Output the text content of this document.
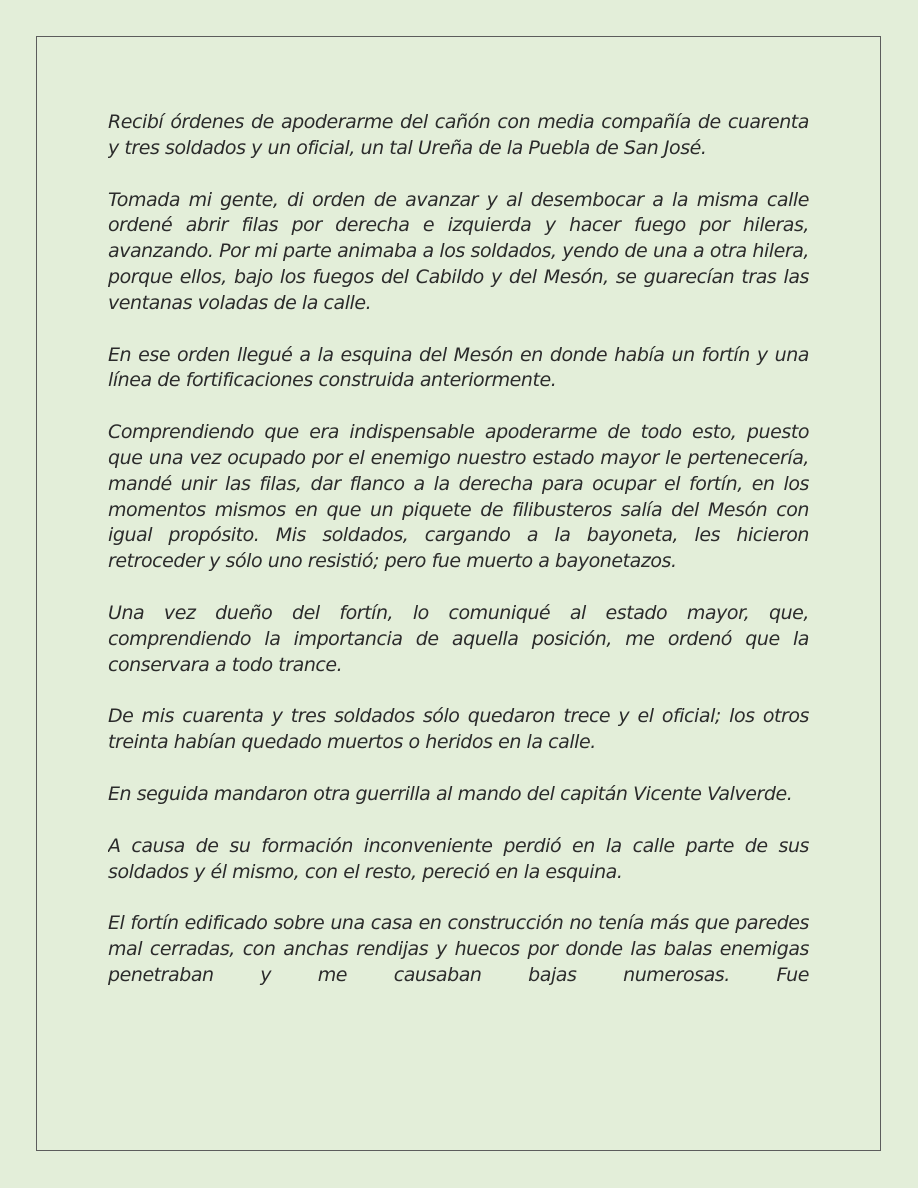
Recibí órdenes de apoderarme del cañón con media compañía de cuarenta y tres soldados y un oficial, un tal Ureña de la Puebla de San José.

Tomada mi gente, di orden de avanzar y al desembocar a la misma calle ordené abrir filas por derecha e izquierda y hacer fuego por hileras, avanzando. Por mi parte animaba a los soldados, yendo de una a otra hilera, porque ellos, bajo los fuegos del Cabildo y del Mesón, se guarecían tras las ventanas voladas de la calle.

En ese orden llegué a la esquina del Mesón en donde había un fortín y una línea de fortificaciones construida anteriormente.

Comprendiendo que era indispensable apoderarme de todo esto, puesto que una vez ocupado por el enemigo nuestro estado mayor le pertenecería, mandé unir las filas, dar flanco a la derecha para ocupar el fortín, en los momentos mismos en que un piquete de filibusteros salía del Mesón con igual propósito. Mis soldados, cargando a la bayoneta, les hicieron retroceder y sólo uno resistió; pero fue muerto a bayonetazos.

Una vez dueño del fortín, lo comuniqué al estado mayor, que, comprendiendo la importancia de aquella posición, me ordenó que la conservara a todo trance.

De mis cuarenta y tres soldados sólo quedaron trece y el oficial; los otros treinta habían quedado muertos o heridos en la calle.

En seguida mandaron otra guerrilla al mando del capitán Vicente Valverde.

A causa de su formación inconveniente perdió en la calle parte de sus soldados y él mismo, con el resto, pereció en la esquina.

El fortín edificado sobre una casa en construcción no tenía más que paredes mal cerradas, con anchas rendijas y huecos por donde las balas enemigas penetraban y me causaban bajas numerosas. Fue
